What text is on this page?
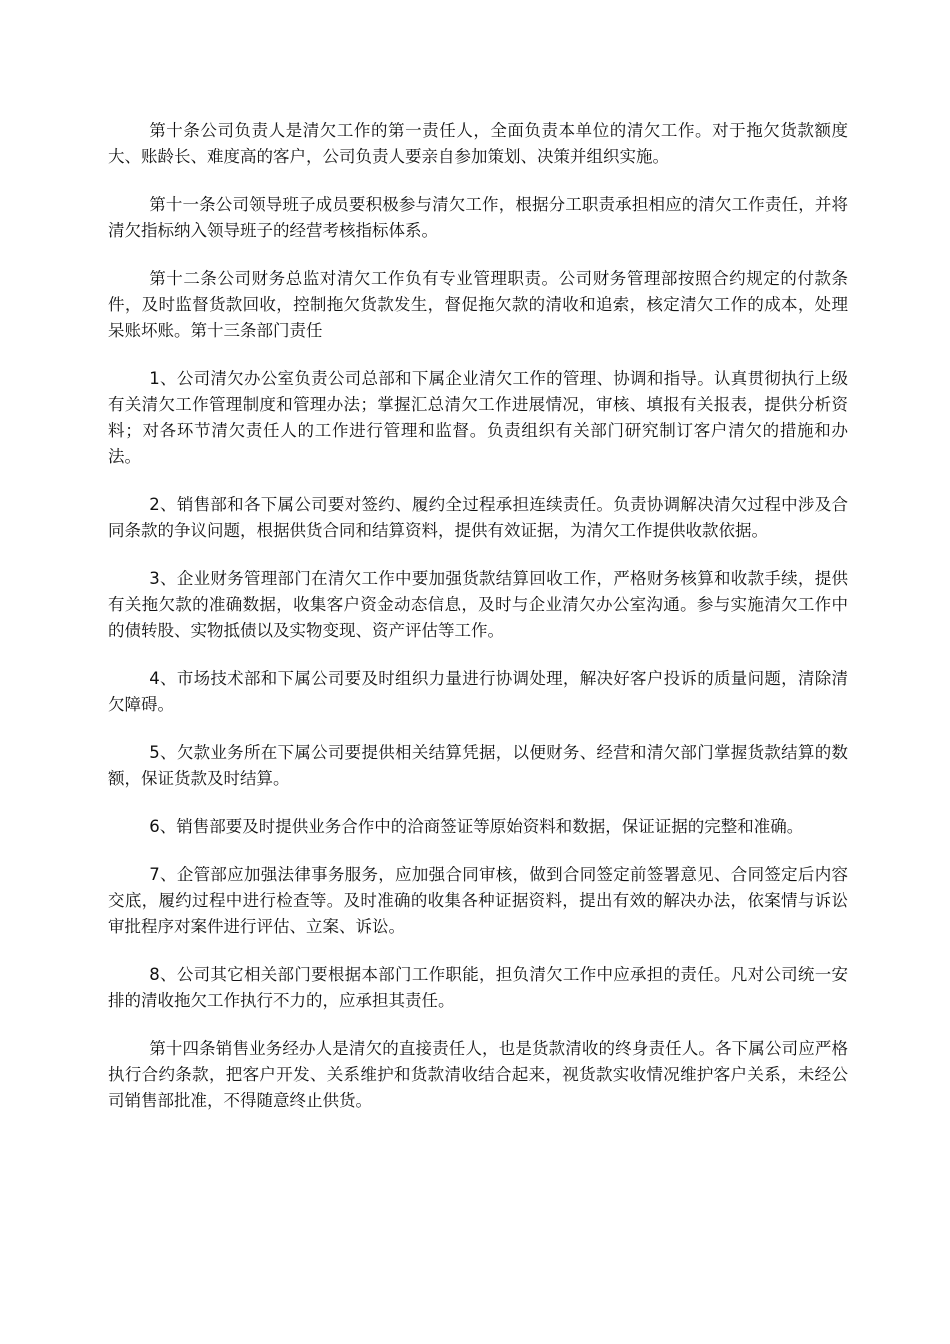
第十条公司负责人是清欠工作的第一责任人，全面负责本单位的清欠工作。对于拖欠货款额度大、账龄长、难度高的客户，公司负责人要亲自参加策划、决策并组织实施。

第十一条公司领导班子成员要积极参与清欠工作，根据分工职责承担相应的清欠工作责任，并将清欠指标纳入领导班子的经营考核指标体系。

第十二条公司财务总监对清欠工作负有专业管理职责。公司财务管理部按照合约规定的付款条件，及时监督货款回收，控制拖欠货款发生，督促拖欠款的清收和追索，核定清欠工作的成本，处理呆账坏账。第十三条部门责任

1、公司清欠办公室负责公司总部和下属企业清欠工作的管理、协调和指导。认真贯彻执行上级有关清欠工作管理制度和管理办法；掌握汇总清欠工作进展情况，审核、填报有关报表，提供分析资料；对各环节清欠责任人的工作进行管理和监督。负责组织有关部门研究制订客户清欠的措施和办法。

2、销售部和各下属公司要对签约、履约全过程承担连续责任。负责协调解决清欠过程中涉及合同条款的争议问题，根据供货合同和结算资料，提供有效证据，为清欠工作提供收款依据。

3、企业财务管理部门在清欠工作中要加强货款结算回收工作，严格财务核算和收款手续，提供有关拖欠款的准确数据，收集客户资金动态信息，及时与企业清欠办公室沟通。参与实施清欠工作中的债转股、实物抵债以及实物变现、资产评估等工作。

4、市场技术部和下属公司要及时组织力量进行协调处理，解决好客户投诉的质量问题，清除清欠障碍。

5、欠款业务所在下属公司要提供相关结算凭据，以便财务、经营和清欠部门掌握货款结算的数额，保证货款及时结算。

6、销售部要及时提供业务合作中的洽商签证等原始资料和数据，保证证据的完整和准确。

7、企管部应加强法律事务服务，应加强合同审核，做到合同签定前签署意见、合同签定后内容交底，履约过程中进行检查等。及时准确的收集各种证据资料，提出有效的解决办法，依案情与诉讼审批程序对案件进行评估、立案、诉讼。

8、公司其它相关部门要根据本部门工作职能，担负清欠工作中应承担的责任。凡对公司统一安排的清收拖欠工作执行不力的，应承担其责任。

第十四条销售业务经办人是清欠的直接责任人，也是货款清收的终身责任人。各下属公司应严格执行合约条款，把客户开发、关系维护和货款清收结合起来，视货款实收情况维护客户关系，未经公司销售部批准，不得随意终止供货。
